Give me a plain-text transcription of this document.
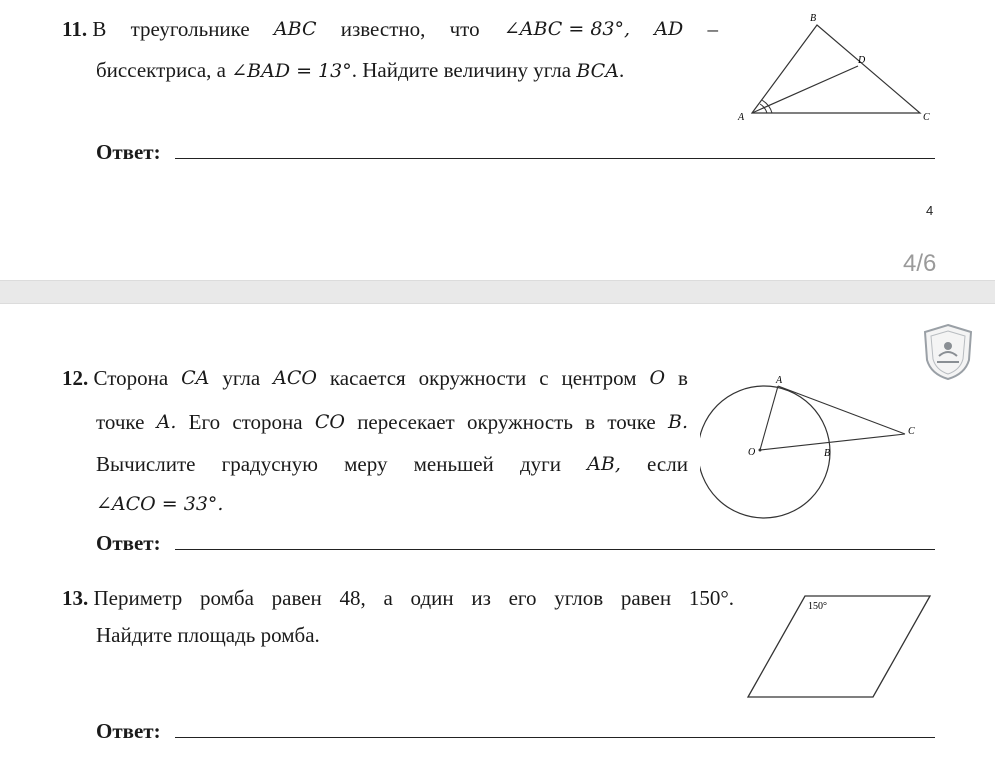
11. В треугольнике ABC известно, что ∠ABC = 83°, AD –
биссектриса, а ∠BAD = 13°. Найдите величину угла BCA.
Ответ:
B
D
A	C
4
4/6
12. Сторона CA угла ACO касается окружности с центром O в
точке A. Его сторона CO пересекает окружность в точке B.
Вычислите градусную меру меньшей дуги AB, если
∠ACO = 33°.
Ответ:
A
C
O	B
13. Периметр ромба равен 48, а один из его углов равен 150°.
Найдите площадь ромба.
Ответ:
150°
